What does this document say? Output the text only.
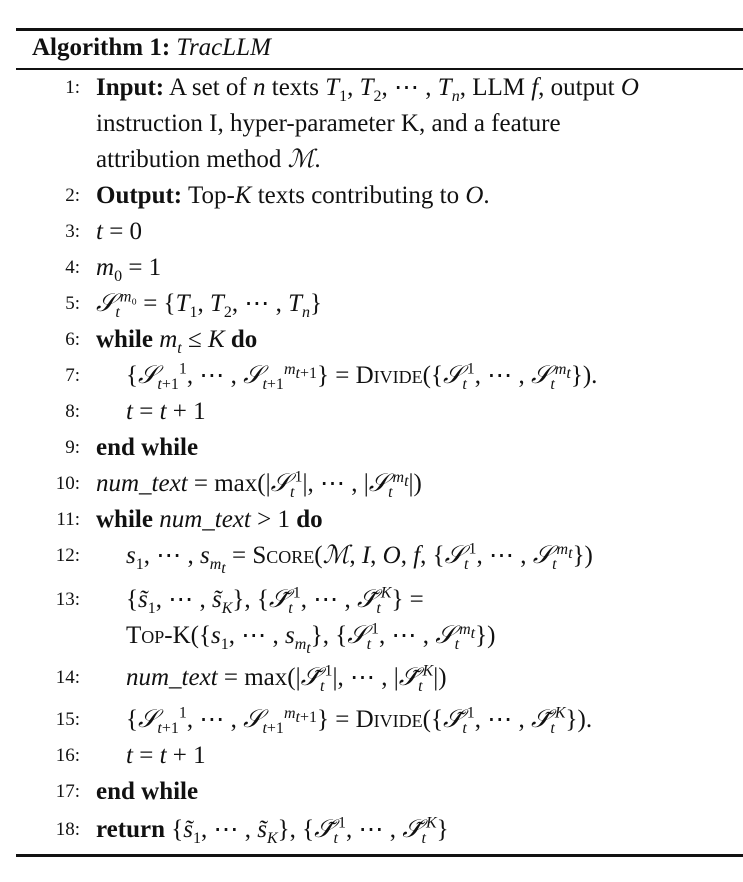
Algorithm 1: TracLLM
1: Input: A set of n texts $T_1$, $T_2$, ⋯ , $T_n$, LLM f, output O
instruction I, hyper-parameter K, and a feature
attribution method ℳ.
2: Output: Top-K texts contributing to O.
3: t = 0
4: $m_0 = 1$
5: 𝒮$_t^{m_0}$ = {$T_1$, $T_2$, ⋯ , $T_n$}
6: while $m_t \le K$ do
7: {𝒮$_{t+1}^1$, ⋯ , 𝒮$_{t+1}^{m_{t+1}}$} = Divide({𝒮$_t^1$, ⋯ , 𝒮$_t^{m_t}$}).
8: t = t + 1
9: end while
10: num_text = max(|𝒮$_t^1$|, ⋯ , |𝒮$_t^{m_t}$|)
11: while num_text > 1 do
12: $s_1$, ⋯ , $s_{m_t}$ = Score(ℳ, I, O, f, {𝒮$_t^1$, ⋯ , 𝒮$_t^{m_t}$})
13: {$s̃_1$, ⋯ , $s̃_K$}, {$𝒮̃_t^1$, ⋯ , $𝒮̃_t^K$} =
Top-$K(\{s_1$, ⋯ , $s_{m_t}$}, {𝒮$_t^1$, ⋯ , 𝒮$_t^{m_t}$})
14: num_text = $\max(|𝒮̃_t^1|$, ⋯ , $|𝒮̃_t^K|$)
15: {𝒮$_{t+1}^1$, ⋯ , 𝒮$_{t+1}^{m_{t+1}}$} = $Divide(\{𝒮̃_t^1$, ⋯ , $𝒮̃_t^K$}).
16: t = t + 1
17: end while
18: return {$s̃_1$, ⋯ , $s̃_K$}, {$𝒮̃_t^1$, ⋯ , $𝒮̃_t^K$}
